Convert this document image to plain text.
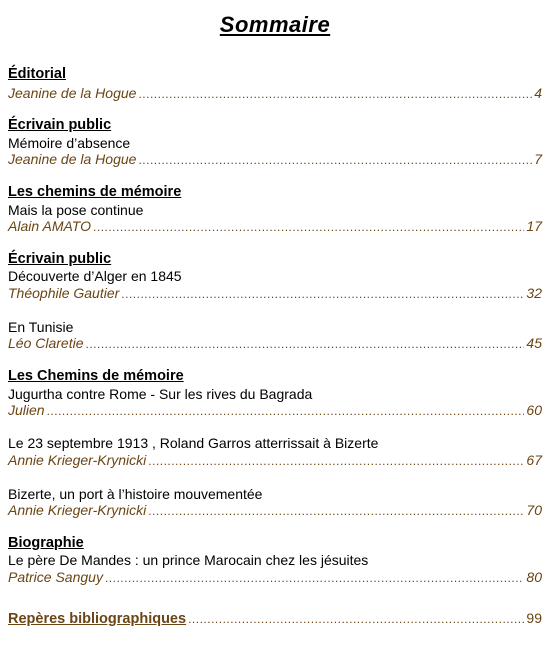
Sommaire
Éditorial
Jeanine de la Hogue .....	4
Écrivain public
Mémoire d’absence
Jeanine de la Hogue .....	7
Les chemins de mémoire
Mais la pose continue
Alain AMATO .....	17
Écrivain public
Découverte d’Alger en 1845
Théophile Gautier .....	32
En Tunisie
Léo Claretie .....	45
Les Chemins de mémoire
Jugurtha contre Rome - Sur les rives du Bagrada
Julien .....	60
Le 23 septembre 1913 , Roland Garros atterrissait à Bizerte
Annie Krieger-Krynicki .....	67
Bizerte, un port à l’histoire mouvementée
Annie Krieger-Krynicki .....	70
Biographie
Le père De Mandes : un prince Marocain chez les jésuites
Patrice Sanguy .....	80
Repères bibliographiques .....	99
